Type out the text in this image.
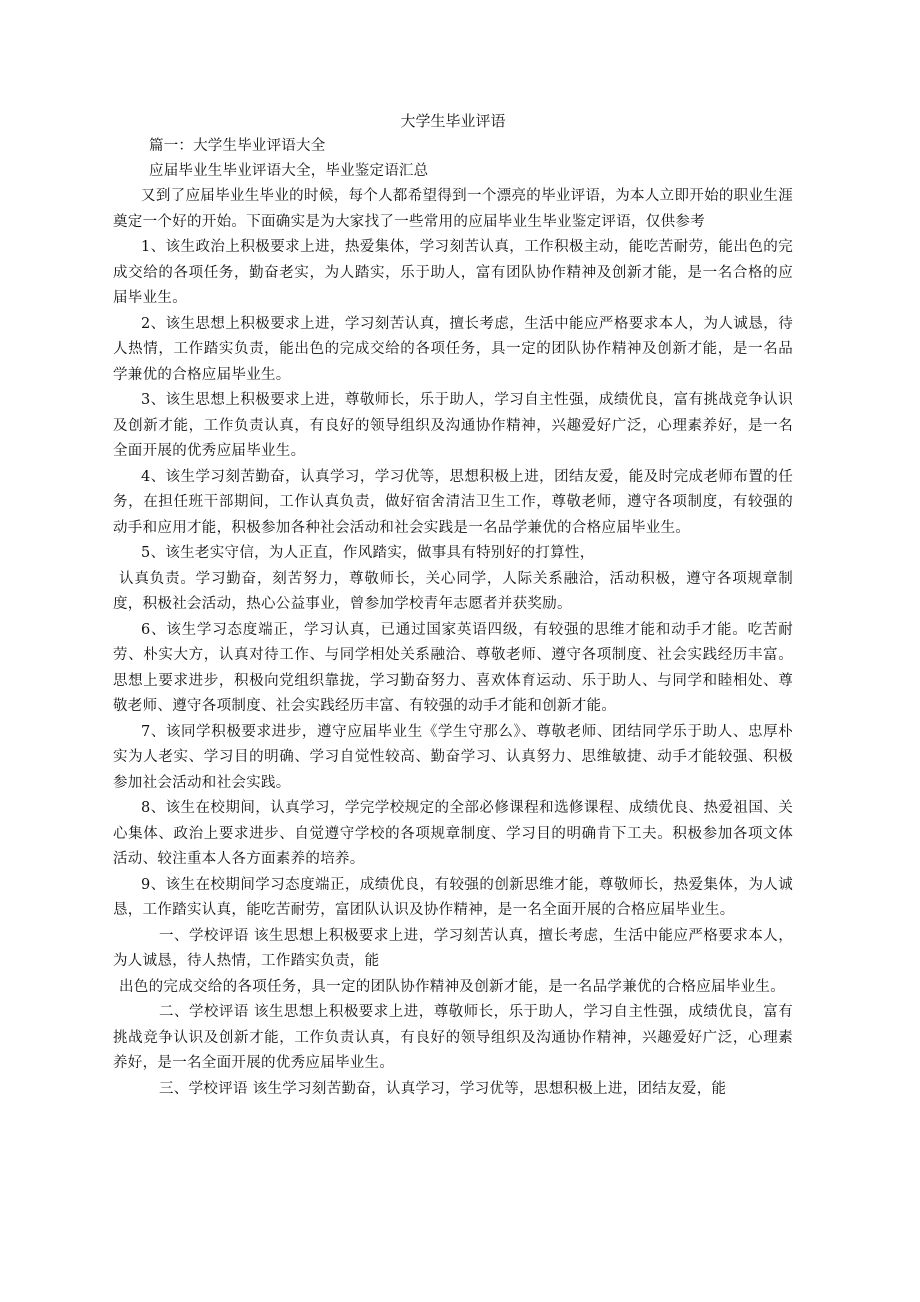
大学生毕业评语

篇一：大学生毕业评语大全

应届毕业生毕业评语大全，毕业鉴定语汇总

又到了应届毕业生毕业的时候，每个人都希望得到一个漂亮的毕业评语，为本人立即开始的职业生涯奠定一个好的开始。下面确实是为大家找了一些常用的应届毕业生毕业鉴定评语，仅供参考

1、该生政治上积极要求上进，热爱集体，学习刻苦认真，工作积极主动，能吃苦耐劳，能出色的完成交给的各项任务，勤奋老实，为人踏实，乐于助人，富有团队协作精神及创新才能，是一名合格的应届毕业生。

2、该生思想上积极要求上进，学习刻苦认真，擅长考虑，生活中能应严格要求本人，为人诚恳，待人热情，工作踏实负责，能出色的完成交给的各项任务，具一定的团队协作精神及创新才能，是一名品学兼优的合格应届毕业生。

3、该生思想上积极要求上进，尊敬师长，乐于助人，学习自主性强，成绩优良，富有挑战竞争认识及创新才能，工作负责认真，有良好的领导组织及沟通协作精神，兴趣爱好广泛，心理素养好，是一名全面开展的优秀应届毕业生。

4、该生学习刻苦勤奋，认真学习，学习优等，思想积极上进，团结友爱，能及时完成老师布置的任务，在担任班干部期间，工作认真负责，做好宿舍清洁卫生工作，尊敬老师，遵守各项制度，有较强的动手和应用才能，积极参加各种社会活动和社会实践是一名品学兼优的合格应届毕业生。

5、该生老实守信，为人正直，作风踏实，做事具有特别好的打算性，

认真负责。学习勤奋，刻苦努力，尊敬师长，关心同学，人际关系融洽，活动积极，遵守各项规章制度，积极社会活动，热心公益事业，曾参加学校青年志愿者并获奖励。

6、该生学习态度端正，学习认真，已通过国家英语四级，有较强的思维才能和动手才能。吃苦耐劳、朴实大方，认真对待工作、与同学相处关系融洽、尊敬老师、遵守各项制度、社会实践经历丰富。思想上要求进步，积极向党组织靠拢，学习勤奋努力、喜欢体育运动、乐于助人、与同学和睦相处、尊敬老师、遵守各项制度、社会实践经历丰富、有较强的动手才能和创新才能。

7、该同学积极要求进步，遵守应届毕业生《学生守那么》、尊敬老师、团结同学乐于助人、忠厚朴实为人老实、学习目的明确、学习自觉性较高、勤奋学习、认真努力、思维敏捷、动手才能较强、积极参加社会活动和社会实践。

8、该生在校期间，认真学习，学完学校规定的全部必修课程和选修课程、成绩优良、热爱祖国、关心集体、政治上要求进步、自觉遵守学校的各项规章制度、学习目的明确肯下工夫。积极参加各项文体活动、较注重本人各方面素养的培养。

9、该生在校期间学习态度端正，成绩优良，有较强的创新思维才能，尊敬师长，热爱集体，为人诚恳，工作踏实认真，能吃苦耐劳，富团队认识及协作精神，是一名全面开展的合格应届毕业生。

一、学校评语 该生思想上积极要求上进，学习刻苦认真，擅长考虑，生活中能应严格要求本人，为人诚恳，待人热情，工作踏实负责，能

出色的完成交给的各项任务，具一定的团队协作精神及创新才能，是一名品学兼优的合格应届毕业生。

二、学校评语 该生思想上积极要求上进，尊敬师长，乐于助人，学习自主性强，成绩优良，富有挑战竞争认识及创新才能，工作负责认真，有良好的领导组织及沟通协作精神，兴趣爱好广泛，心理素养好，是一名全面开展的优秀应届毕业生。

三、学校评语 该生学习刻苦勤奋，认真学习，学习优等，思想积极上进，团结友爱，能
